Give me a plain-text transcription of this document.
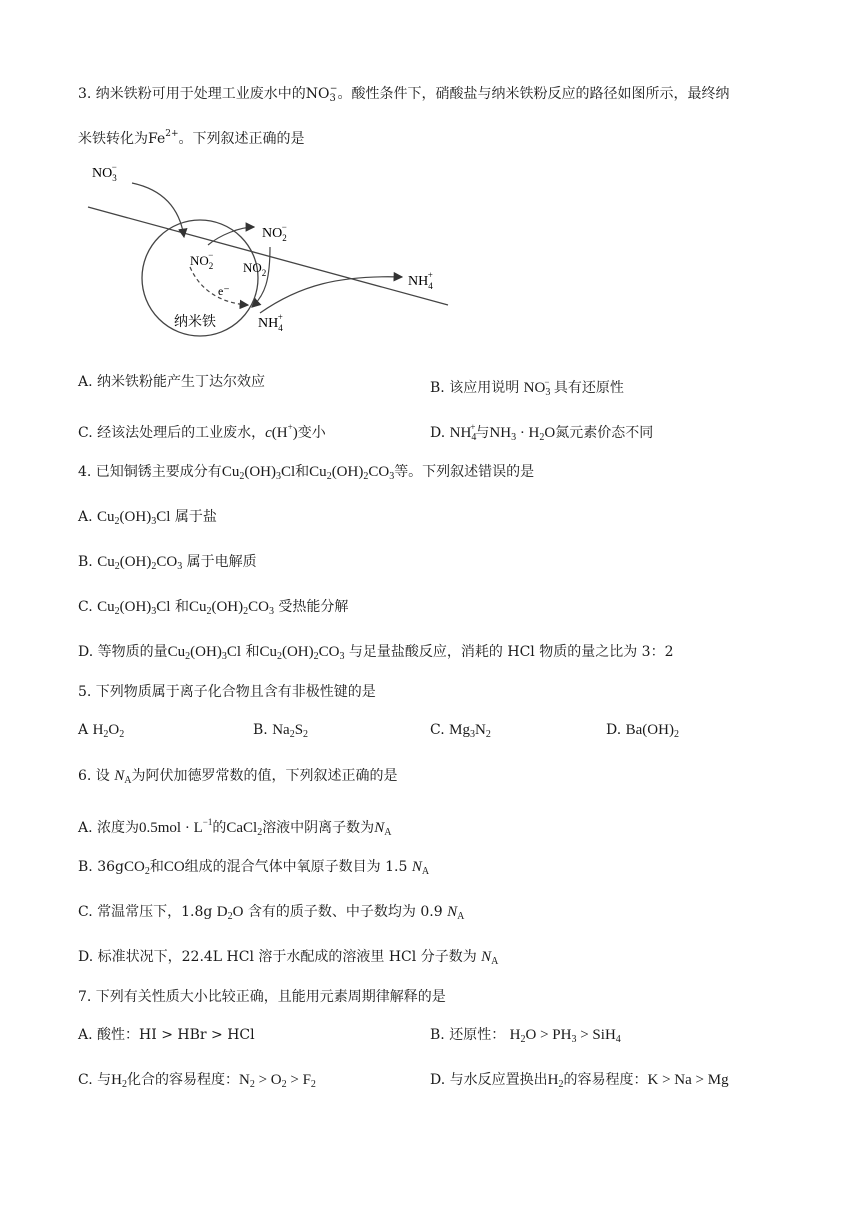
3. 纳米铁粉可用于处理工业废水中的$NO_3^-$。酸性条件下，硝酸盐与纳米铁粉反应的路径如图所示，最终纳
米铁转化为$Fe^{2+}$。下列叙述正确的是
$NO_3-$
$NO_2-$
$NO_2-$
$NO_2$
e⁻
纳米铁	$NH_4+$
$NH_4+$
A. 纳米铁粉能产生丁达尔效应	B. 该应用说明 $NO_3^-$ 具有还原性
C. 经该法处理后的工业废水，c(H+)变小	D. $NH_4^+$与$NH_3 \cdot H_2O$氮元素价态不同
4. 已知铜锈主要成分有$Cu_2(OH)_3Cl$和$Cu_2(OH)_2CO_3$等。下列叙述错误的是
A. $Cu_2(OH)_3Cl$ 属于盐
B. $Cu_2(OH)_2CO_3$ 属于电解质
C. $Cu_2(OH)_3Cl$ 和$Cu_2(OH)_2CO_3$ 受热能分解
D. 等物质的量$Cu_2(OH)_3Cl$ 和$Cu_2(OH)_2CO_3$ 与足量盐酸反应，消耗的 HCl 物质的量之比为 3：2
5. 下列物质属于离子化合物且含有非极性键的是
A $H_2O_2$	B. $Na_2S_2$	C. $Mg_3N_2$	D. $Ba(OH)_2$
6. 设 $N_A$为阿伏加德罗常数的值，下列叙述正确的是
A. 浓度为$0.5mol \cdot L^{-1}$的CaCl$_2$溶液中阴离子数为$N_A$
B. 36gCO$_2$和CO组成的混合气体中氧原子数目为 1.5 $N_A$
C. 常温常压下，1.8g $D_2O$ 含有的质子数、中子数均为 0.9 $N_A$
D. 标准状况下，22.4L HCl 溶于水配成的溶液里 HCl 分子数为 $N_A$
7. 下列有关性质大小比较正确，且能用元素周期律解释的是
A. 酸性：HI > HBr > HCl	B. 还原性： $H_2O > PH_3 > SiH_4$
C. 与$H_2$化合的容易程度：$N_2 > O_2 > F_2$	D. 与水反应置换出$H_2$的容易程度：K > Na > Mg
